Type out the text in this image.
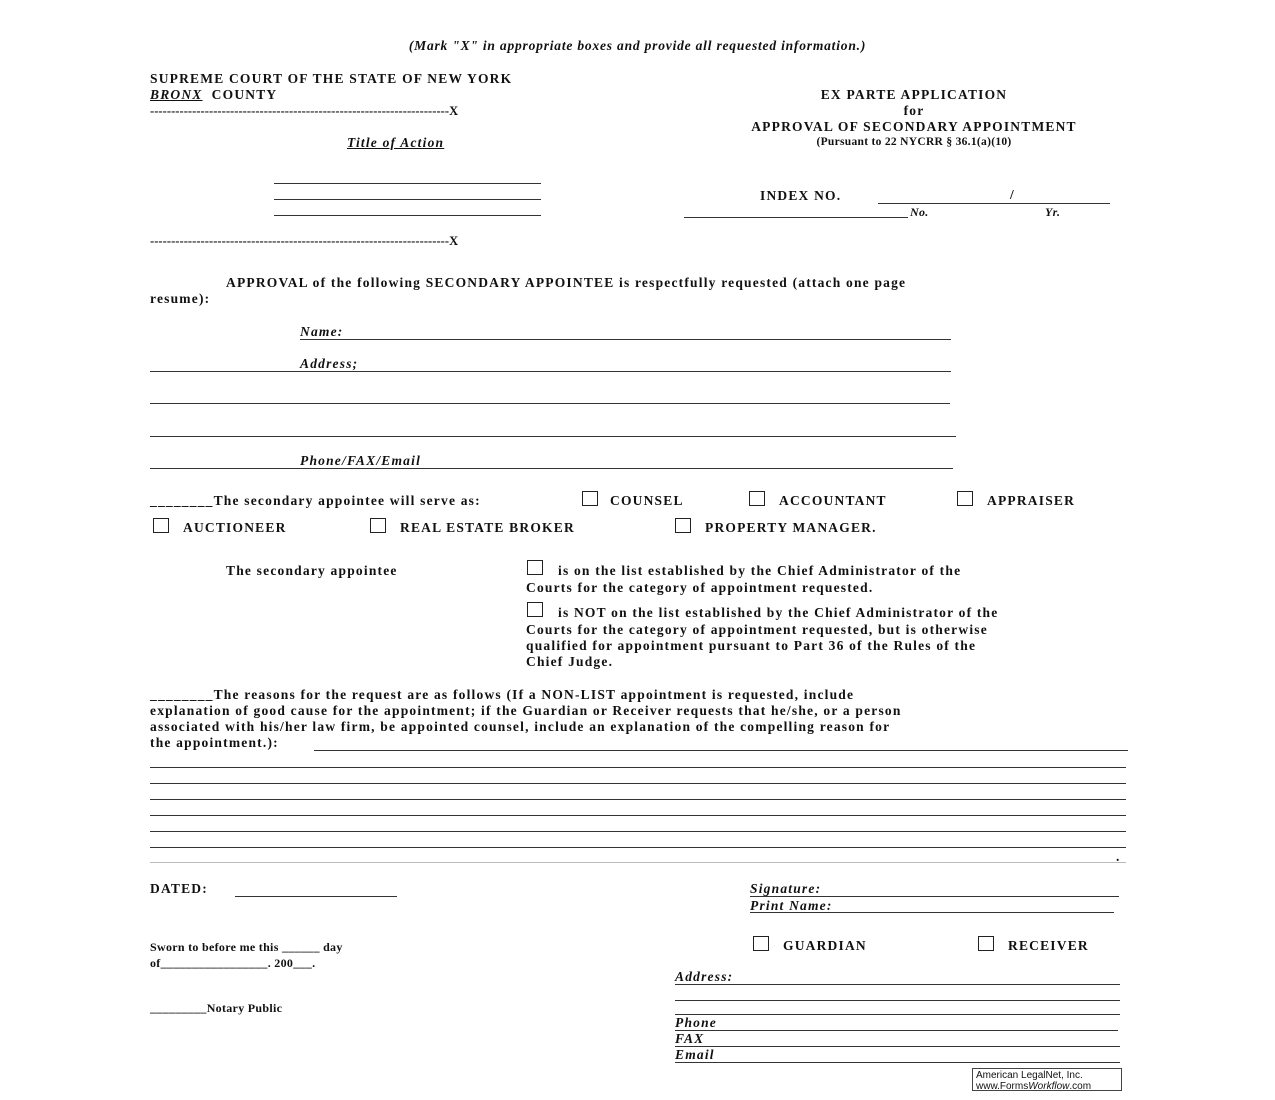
(Mark "X" in appropriate boxes and provide all requested information.)
SUPREME COURT OF THE STATE OF NEW YORK
BRONX COUNTY
-----------------------------------------------------------------------X
Title of Action
-----------------------------------------------------------------------X
EX PARTE APPLICATION
for
APPROVAL OF SECONDARY APPOINTMENT
(Pursuant to 22 NYCRR § 36.1(a)(10)
INDEX NO.	/
No.	Yr.
APPROVAL of the following SECONDARY APPOINTEE is respectfully requested (attach one page
resume):
Name:
Address;
Phone/FAX/Email
________The secondary appointee will serve as:	COUNSEL	ACCOUNTANT	APPRAISER
AUCTIONEER	REAL ESTATE BROKER	PROPERTY MANAGER.
The secondary appointee	is on the list established by the Chief Administrator of the
Courts for the category of appointment requested.
is NOT on the list established by the Chief Administrator of the
Courts for the category of appointment requested, but is otherwise
qualified for appointment pursuant to Part 36 of the Rules of the
Chief Judge.
________The reasons for the request are as follows (If a NON-LIST appointment is requested, include
explanation of good cause for the appointment; if the Guardian or Receiver requests that he/she, or a person
associated with his/her law firm, be appointed counsel, include an explanation of the compelling reason for
the appointment.):
.
DATED:
Sworn to before me this ______ day
of_________________. 200___.
_________Notary Public
Signature:
Print Name:
GUARDIAN	RECEIVER
Address:
Phone
FAX
Email
American LegalNet, Inc.
www.FormsWorkflow.com
